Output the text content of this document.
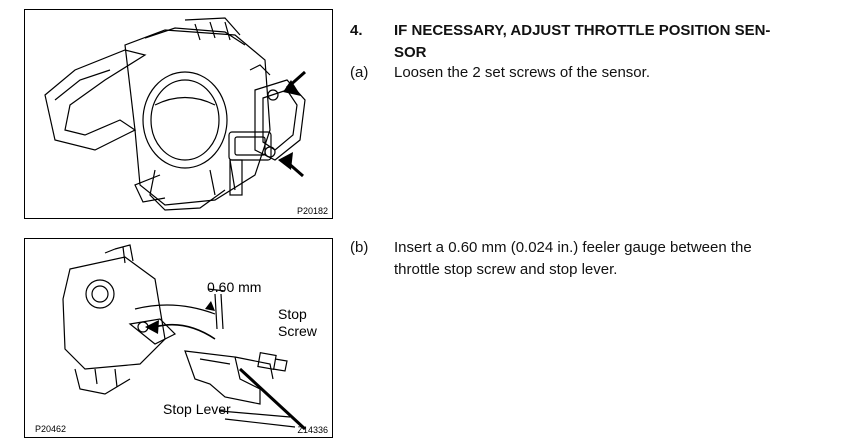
P20182
0.60 mm
Stop
Screw
Stop Lever
P20462	Z14336
4. IF NECESSARY, ADJUST THROTTLE POSITION SEN-
SOR
(a) Loosen the 2 set screws of the sensor.
(b) Insert a 0.60 mm (0.024 in.) feeler gauge between the
throttle stop screw and stop lever.
